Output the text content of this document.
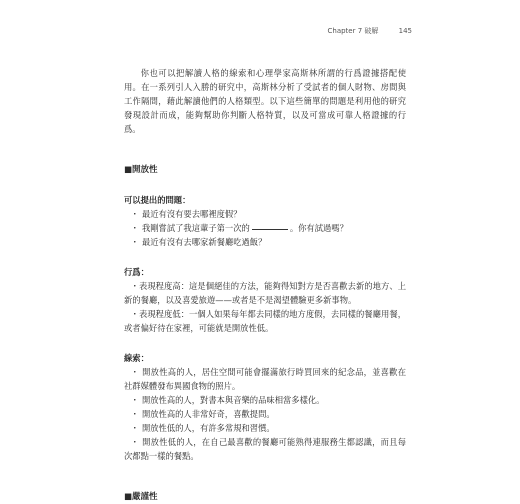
Chapter 7 破解	145

你也可以把解讀人格的線索和心理學家高斯林所謂的行爲證據搭配使用。在一系列引人入勝的研究中，高斯林分析了受試者的個人財物、房間與工作隔間，藉此解讀他們的人格類型。以下這些簡單的問題是利用他的研究發現設計而成，能夠幫助你判斷人格特質，以及可當成可靠人格證據的行爲。

■開放性
可以提出的問題：
・ 最近有沒有要去哪裡度假？
・ 我剛嘗試了我這輩子第一次的	。你有試過嗎？
・ 最近有沒有去哪家新餐廳吃過飯？
行爲：

・表現程度高：這是個絕佳的方法，能夠得知對方是否喜歡去新的地方、上新的餐廳，以及喜愛旅遊——或者是不是渴望體驗更多新事物。

・表現程度低：一個人如果每年都去同樣的地方度假，去同樣的餐廳用餐，或者偏好待在家裡，可能就是開放性低。

線索：
・ 開放性高的人，居住空間可能會擺滿旅行時買回來的紀念品，並喜歡在社群媒體發布異國食物的照片。
・ 開放性高的人，對書本與音樂的品味相當多樣化。
・ 開放性高的人非常好奇，喜歡提問。
・ 開放性低的人，有許多常規和習慣。
・ 開放性低的人，在自己最喜歡的餐廳可能熟得連服務生都認識，而且每次都點一樣的餐點。
■嚴謹性
